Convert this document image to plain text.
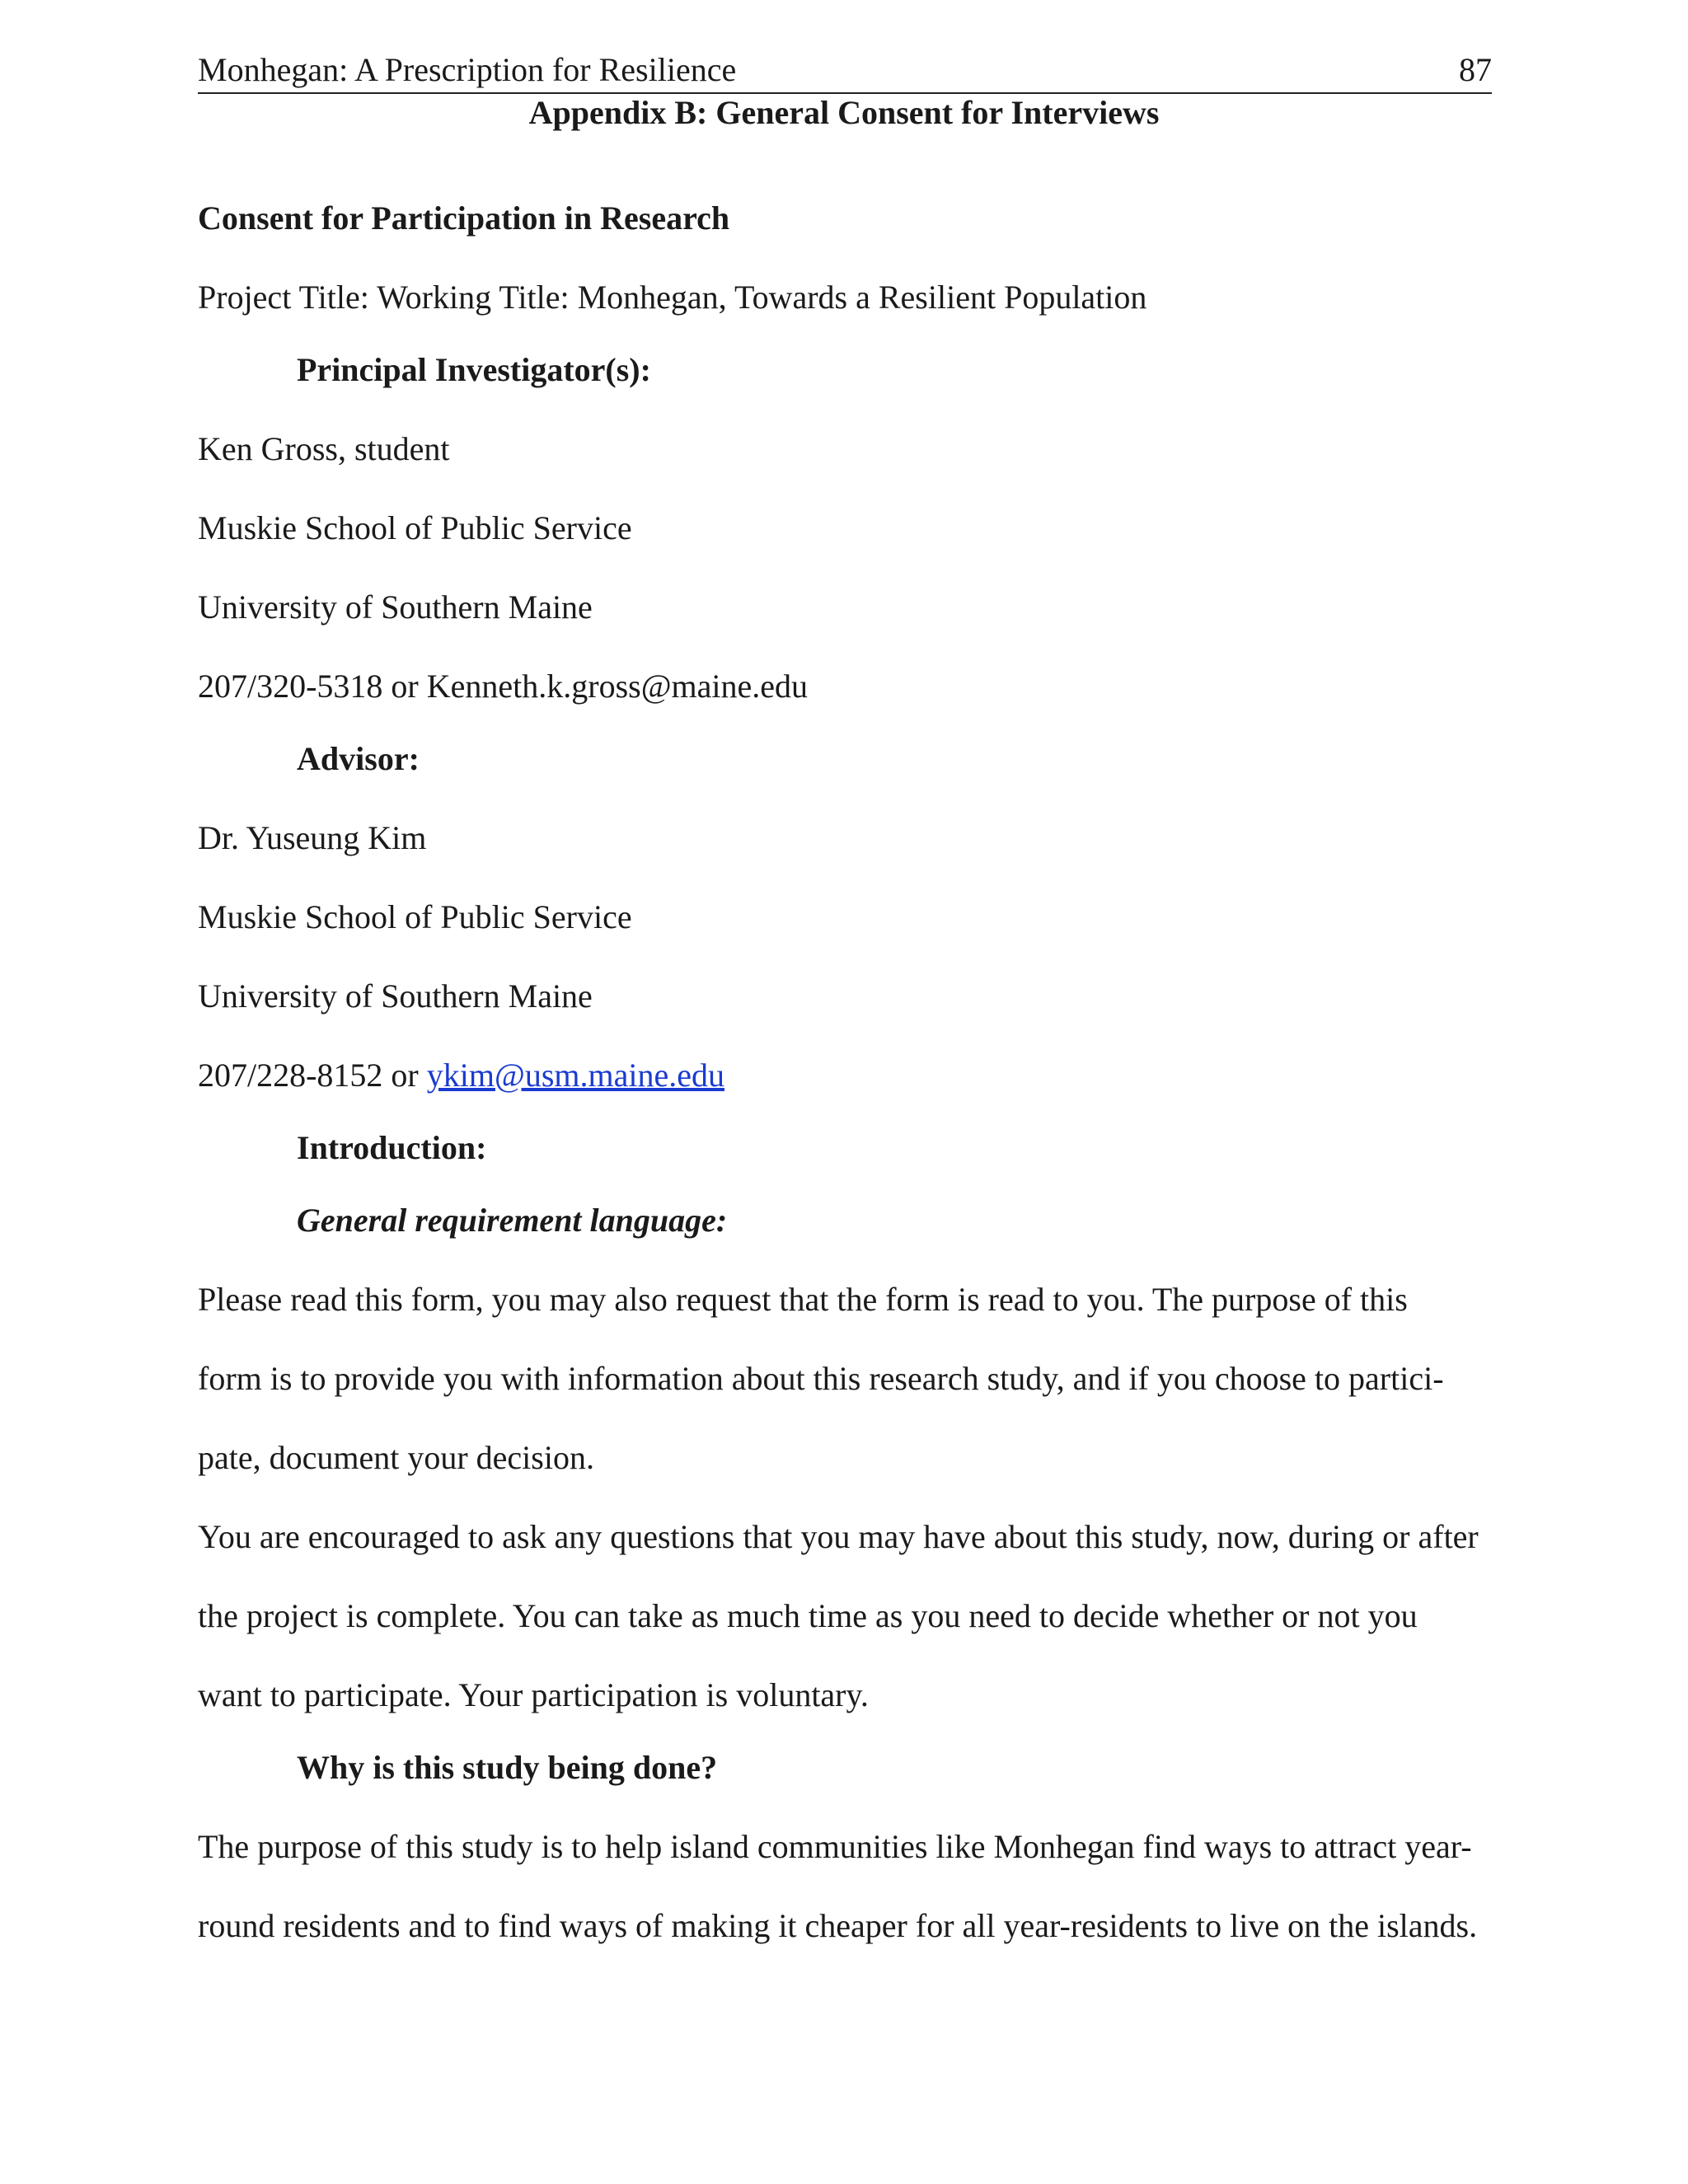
Monhegan: A Prescription for Resilience	87
Appendix B: General Consent for Interviews
Consent for Participation in Research
Project Title: Working Title: Monhegan, Towards a Resilient Population
Principal Investigator(s):
Ken Gross, student
Muskie School of Public Service
University of Southern Maine
207/320-5318 or Kenneth.k.gross@maine.edu
Advisor:
Dr. Yuseung Kim
Muskie School of Public Service
University of Southern Maine
207/228-8152 or ykim@usm.maine.edu
Introduction:
General requirement language:
Please read this form, you may also request that the form is read to you. The purpose of this
form is to provide you with information about this research study, and if you choose to partici-
pate, document your decision.
You are encouraged to ask any questions that you may have about this study, now, during or after
the project is complete. You can take as much time as you need to decide whether or not you
want to participate. Your participation is voluntary.
Why is this study being done?
The purpose of this study is to help island communities like Monhegan find ways to attract year-
round residents and to find ways of making it cheaper for all year-residents to live on the islands.
